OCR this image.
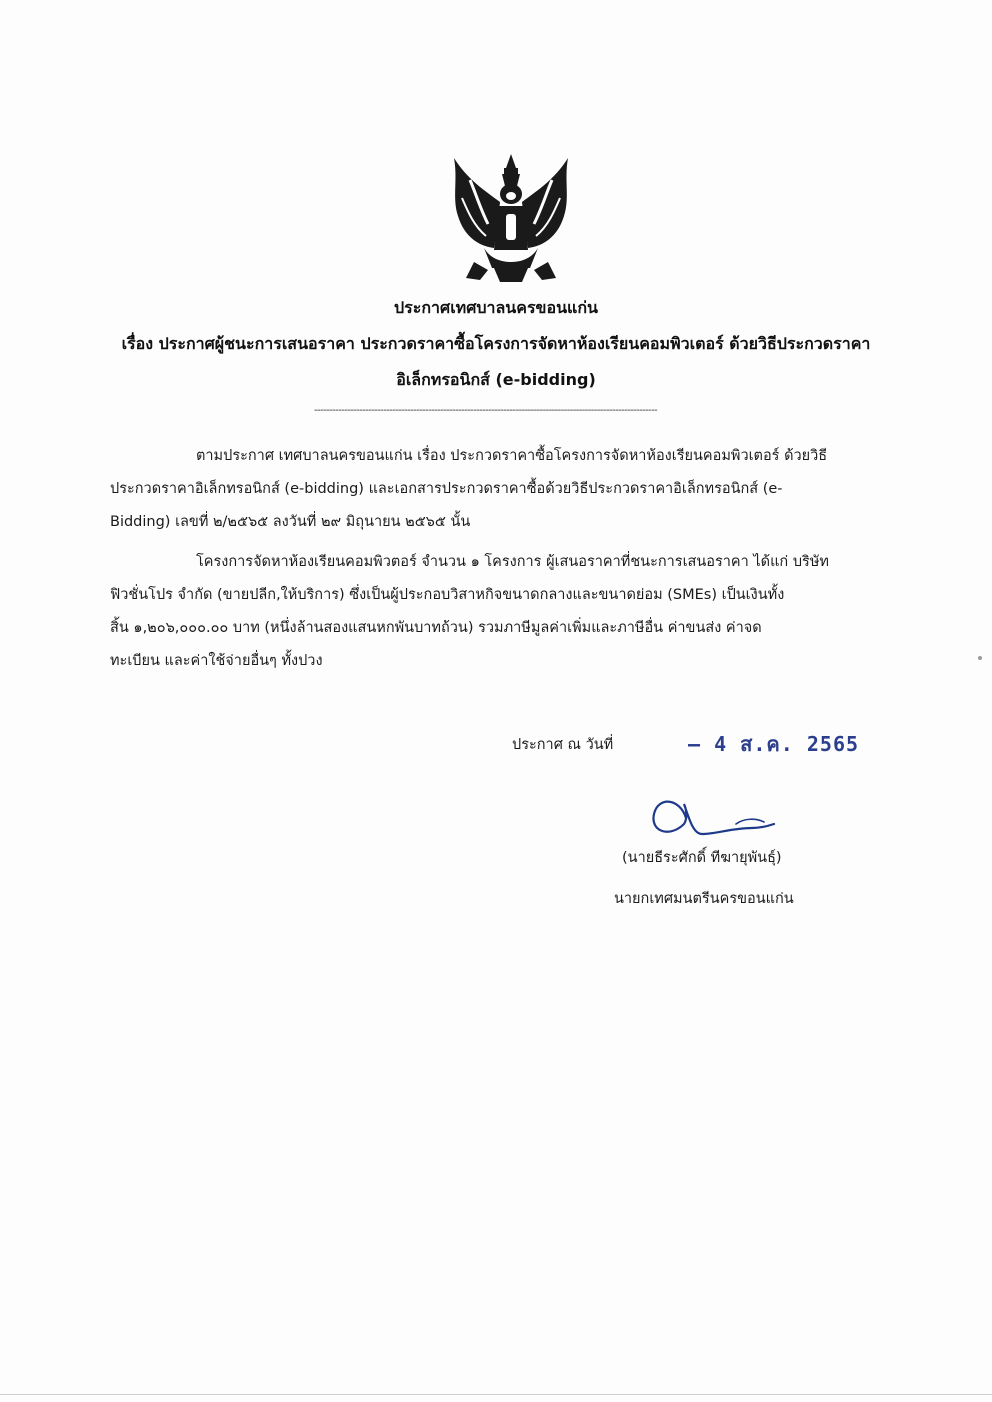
ประกาศเทศบาลนครขอนแก่น
เรื่อง ประกาศผู้ชนะการเสนอราคา ประกวดราคาซื้อโครงการจัดหาห้องเรียนคอมพิวเตอร์ ด้วยวิธีประกวดราคา
อิเล็กทรอนิกส์ (e-bidding)
------------------------------------------------------------------------------------------------------------------
ตามประกาศ เทศบาลนครขอนแก่น เรื่อง ประกวดราคาซื้อโครงการจัดหาห้องเรียนคอมพิวเตอร์ ด้วยวิธี
ประกวดราคาอิเล็กทรอนิกส์ (e-bidding) และเอกสารประกวดราคาซื้อด้วยวิธีประกวดราคาอิเล็กทรอนิกส์ (e-
Bidding) เลขที่ ๒/๒๕๖๕ ลงวันที่ ๒๙ มิถุนายน ๒๕๖๕ นั้น
โครงการจัดหาห้องเรียนคอมพิวตอร์ จำนวน ๑ โครงการ ผู้เสนอราคาที่ชนะการเสนอราคา ได้แก่ บริษัท
ฟิวชั่นโปร จำกัด (ขายปลีก,ให้บริการ) ซึ่งเป็นผู้ประกอบวิสาหกิจขนาดกลางและขนาดย่อม (SMEs) เป็นเงินทั้ง
สิ้น ๑,๒๐๖,๐๐๐.๐๐ บาท (หนึ่งล้านสองแสนหกพันบาทถ้วน) รวมภาษีมูลค่าเพิ่มและภาษีอื่น ค่าขนส่ง ค่าจด
ทะเบียน และค่าใช้จ่ายอื่นๆ ทั้งปวง
ประกาศ ณ วันที่	– 4 ส.ค. 2565
(นายธีระศักดิ์ ทีฆายุพันธุ์)
นายกเทศมนตรีนครขอนแก่น
